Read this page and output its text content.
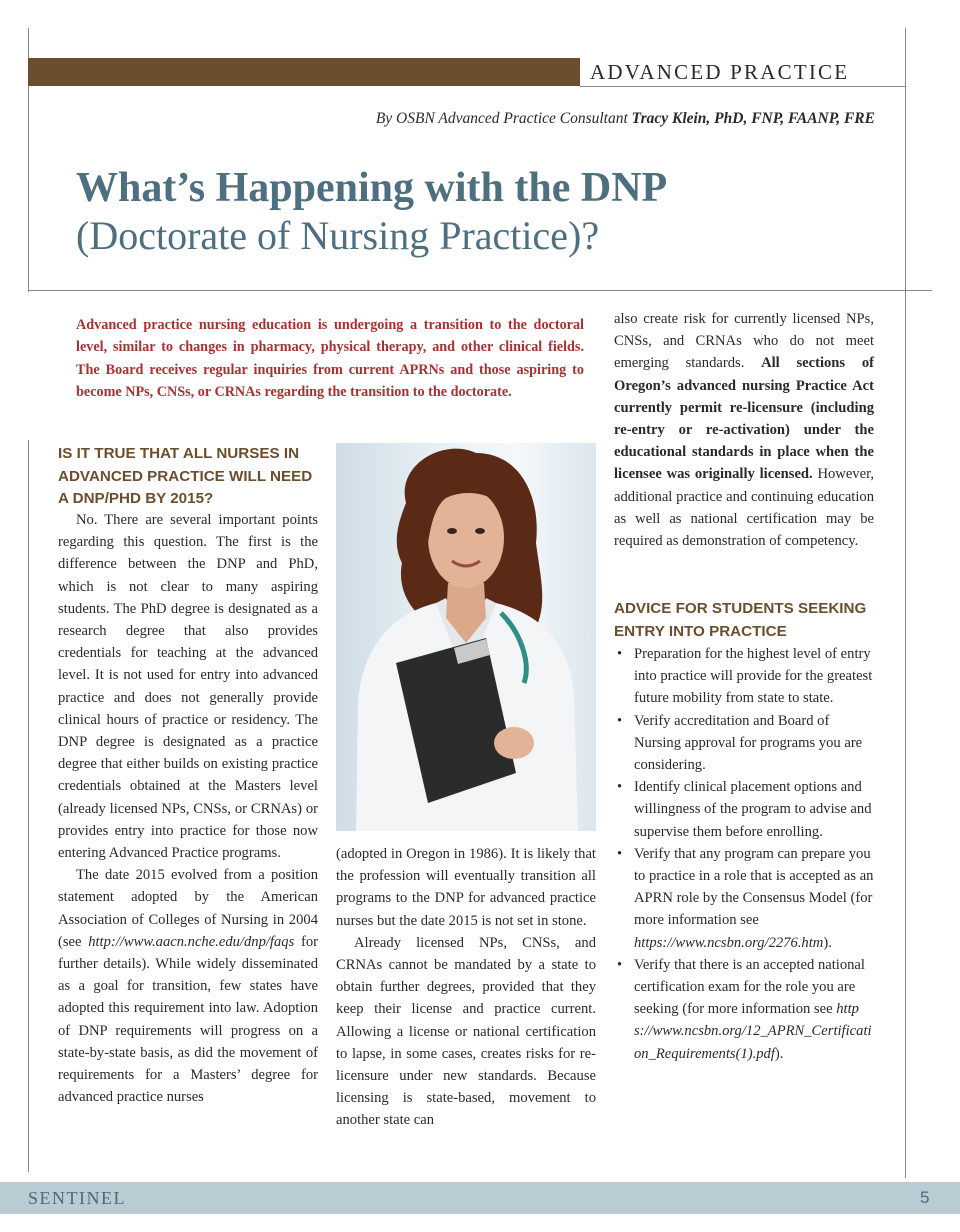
ADVANCED PRACTICE
By OSBN Advanced Practice Consultant Tracy Klein, PhD, FNP, FAANP, FRE
What’s Happening with the DNP
(Doctorate of Nursing Practice)?
Advanced practice nursing education is undergoing a transition to the doctoral level, similar to changes in pharmacy, physical therapy, and other clinical fields. The Board receives regular inquiries from current APRNs and those aspiring to become NPs, CNSs, or CRNAs regarding the transition to the doctorate.
IS IT TRUE THAT ALL NURSES IN ADVANCED PRACTICE WILL NEED A DNP/PHD BY 2015?

No. There are several important points regarding this question. The first is the difference between the DNP and PhD, which is not clear to many aspiring students. The PhD degree is designated as a research degree that also provides credentials for teaching at the advanced level. It is not used for entry into advanced practice and does not generally provide clinical hours of practice or residency. The DNP degree is designated as a practice degree that either builds on existing practice credentials obtained at the Masters level (already licensed NPs, CNSs, or CRNAs) or provides entry into practice for those now entering Advanced Practice programs.

The date 2015 evolved from a position statement adopted by the American Association of Colleges of Nursing in 2004 (see http://www.aacn.nche.edu/dnp/faqs for further details). While widely disseminated as a goal for transition, few states have adopted this requirement into law. Adoption of DNP requirements will progress on a state-by-state basis, as did the movement of requirements for a Masters’ degree for advanced practice nurses

(adopted in Oregon in 1986). It is likely that the profession will eventually transition all programs to the DNP for advanced practice nurses but the date 2015 is not set in stone.

Already licensed NPs, CNSs, and CRNAs cannot be mandated by a state to obtain further degrees, provided that they keep their license and practice current. Allowing a license or national certification to lapse, in some cases, creates risks for re-licensure under new standards. Because licensing is state-based, movement to another state can

also create risk for currently licensed NPs, CNSs, and CRNAs who do not meet emerging standards. All sections of Oregon’s advanced nursing Practice Act currently permit re-licensure (including re-entry or re-activation) under the educational standards in place when the licensee was originally licensed. However, additional practice and continuing education as well as national certification may be required as demonstration of competency.

ADVICE FOR STUDENTS SEEKING ENTRY INTO PRACTICE
• Preparation for the highest level of entry into practice will provide for the greatest future mobility from state to state.
• Verify accreditation and Board of Nursing approval for programs you are considering.
• Identify clinical placement options and willingness of the program to advise and supervise them before enrolling.
• Verify that any program can prepare you to practice in a role that is accepted as an APRN role by the Consensus Model (for more information see https://www.ncsbn.org/2276.htm).
• Verify that there is an accepted national certification exam for the role you are seeking (for more information see https://www.ncsbn.org/12_APRN_Certification_Requirements(1).pdf).
SENTINEL	5
